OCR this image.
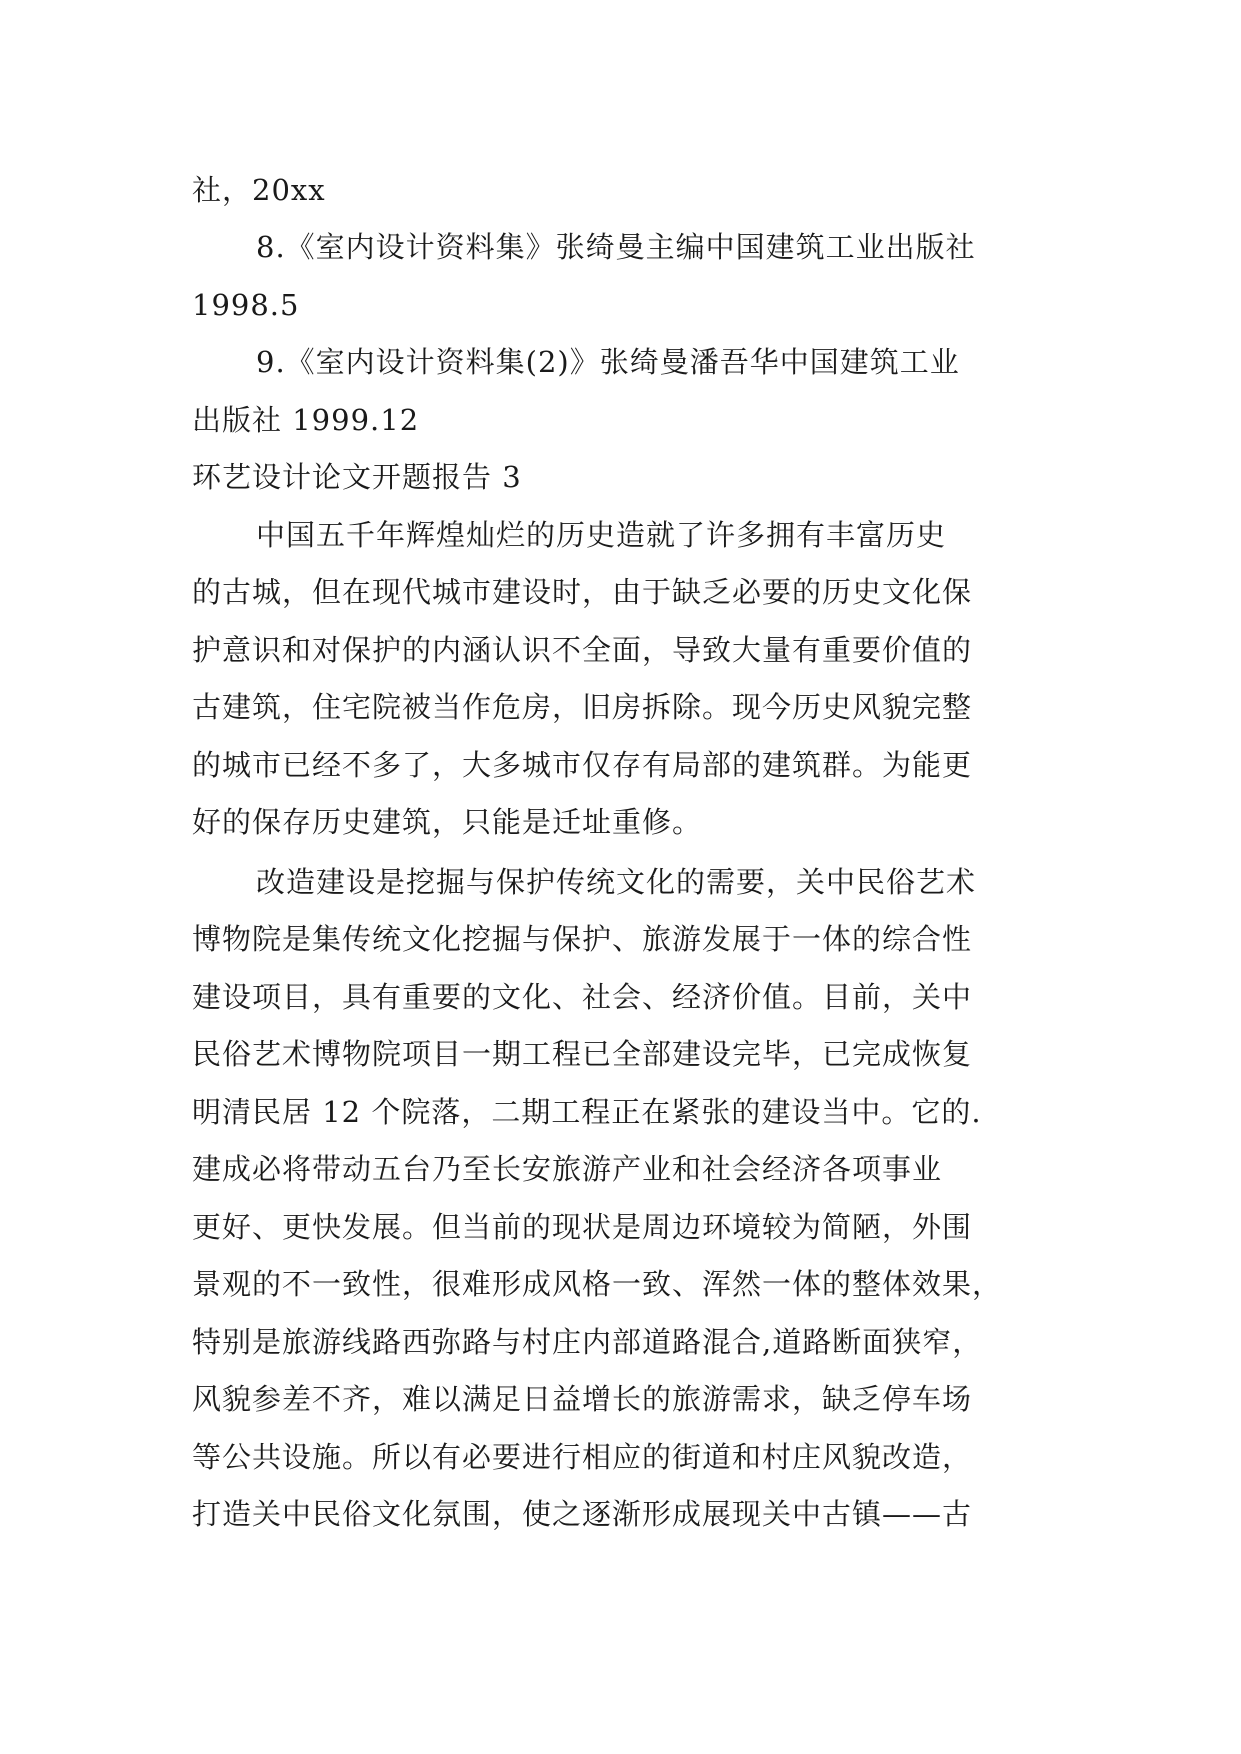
社，20xx
8.《室内设计资料集》张绮曼主编中国建筑工业出版社
1998.5
9.《室内设计资料集(2)》张绮曼潘吾华中国建筑工业
出版社 1999.12
环艺设计论文开题报告 3
中国五千年辉煌灿烂的历史造就了许多拥有丰富历史
的古城，但在现代城市建设时，由于缺乏必要的历史文化保
护意识和对保护的内涵认识不全面，导致大量有重要价值的
古建筑，住宅院被当作危房，旧房拆除。现今历史风貌完整
的城市已经不多了，大多城市仅存有局部的建筑群。为能更
好的保存历史建筑，只能是迁址重修。
改造建设是挖掘与保护传统文化的需要，关中民俗艺术
博物院是集传统文化挖掘与保护、旅游发展于一体的综合性
建设项目，具有重要的文化、社会、经济价值。目前，关中
民俗艺术博物院项目一期工程已全部建设完毕，已完成恢复
明清民居 12 个院落，二期工程正在紧张的建设当中。它的.
建成必将带动五台乃至长安旅游产业和社会经济各项事业
更好、更快发展。但当前的现状是周边环境较为简陋，外围
景观的不一致性，很难形成风格一致、浑然一体的整体效果，
特别是旅游线路西弥路与村庄内部道路混合,道路断面狭窄，
风貌参差不齐，难以满足日益增长的旅游需求，缺乏停车场
等公共设施。所以有必要进行相应的街道和村庄风貌改造，
打造关中民俗文化氛围，使之逐渐形成展现关中古镇——古
